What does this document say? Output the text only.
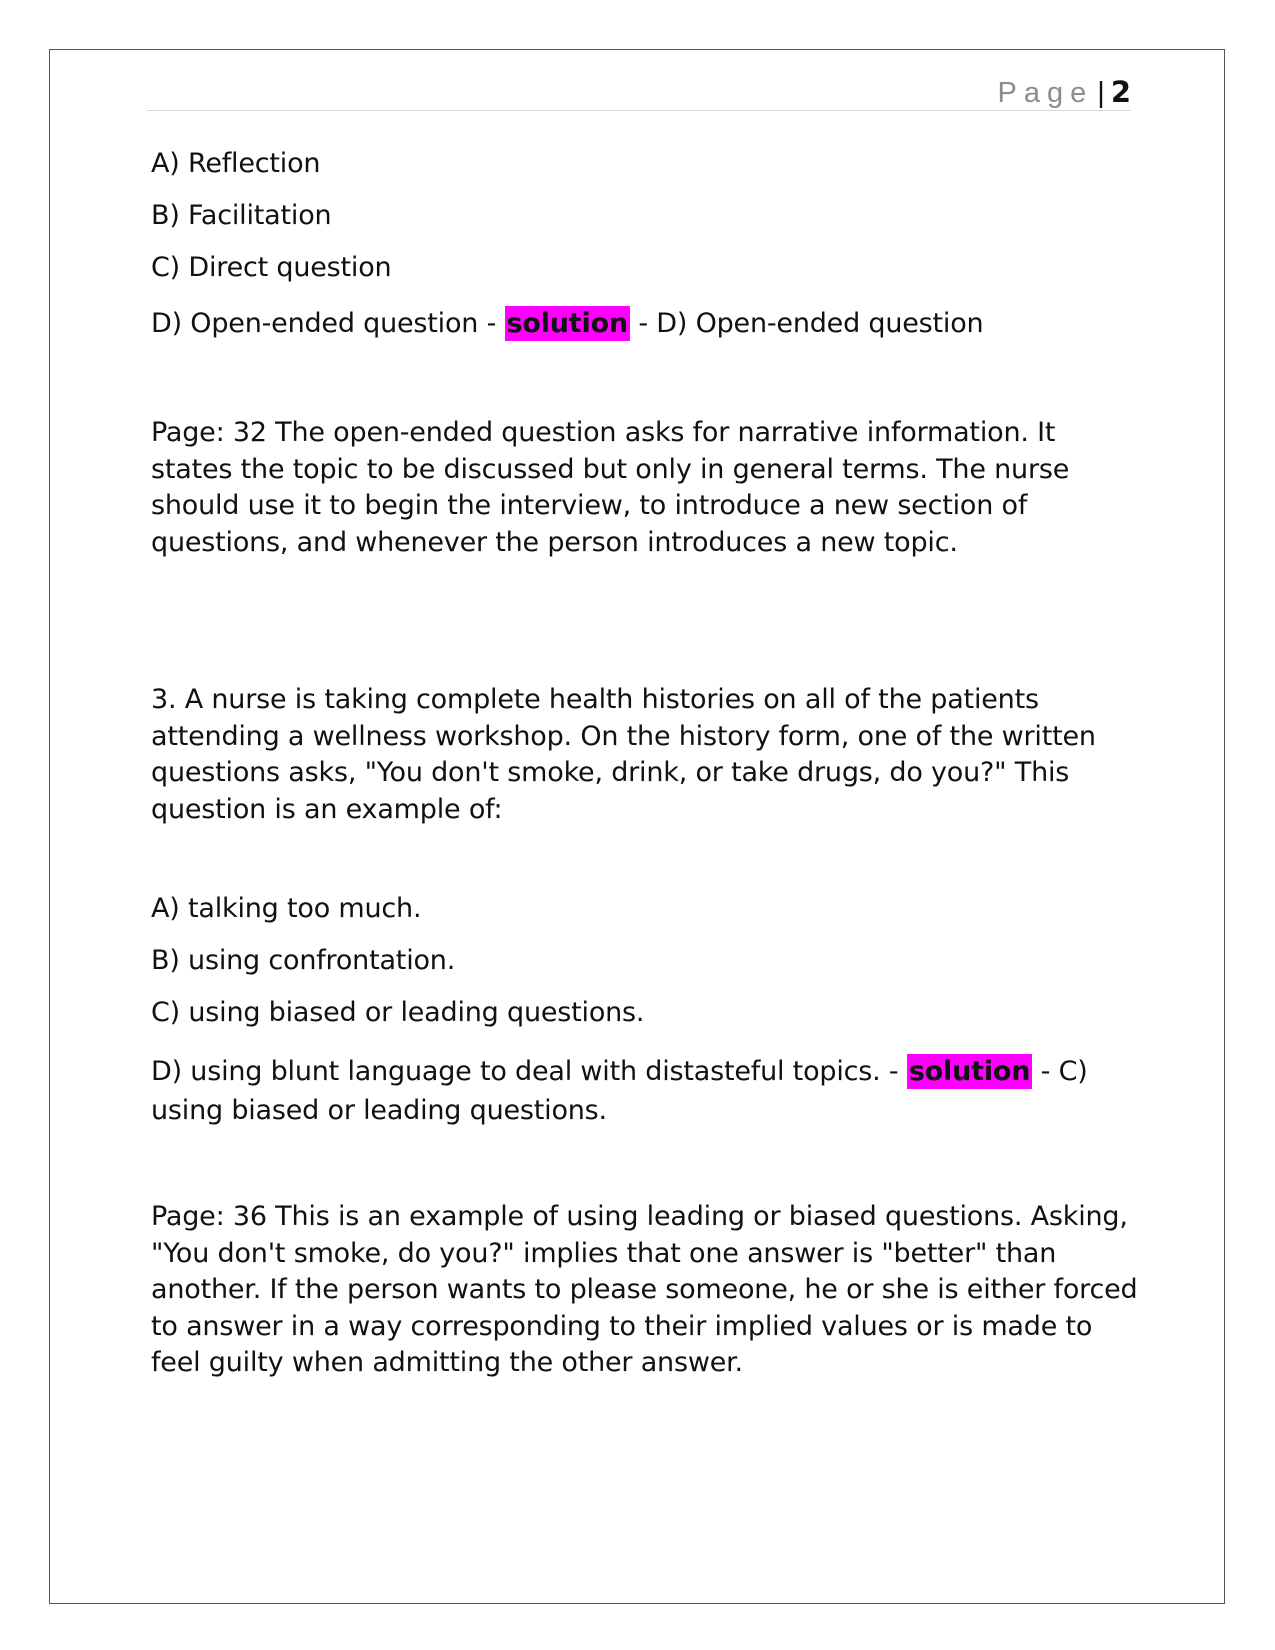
Page | 2
A) Reflection
B) Facilitation
C) Direct question
D) Open-ended question - solution - D) Open-ended question
Page: 32 The open-ended question asks for narrative information. It states the topic to be discussed but only in general terms. The nurse should use it to begin the interview, to introduce a new section of questions, and whenever the person introduces a new topic.
3. A nurse is taking complete health histories on all of the patients attending a wellness workshop. On the history form, one of the written questions asks, "You don't smoke, drink, or take drugs, do you?" This question is an example of:
A) talking too much.
B) using confrontation.
C) using biased or leading questions.
D) using blunt language to deal with distasteful topics. - solution - C) using biased or leading questions.
Page: 36 This is an example of using leading or biased questions. Asking, "You don't smoke, do you?" implies that one answer is "better" than another. If the person wants to please someone, he or she is either forced to answer in a way corresponding to their implied values or is made to feel guilty when admitting the other answer.
